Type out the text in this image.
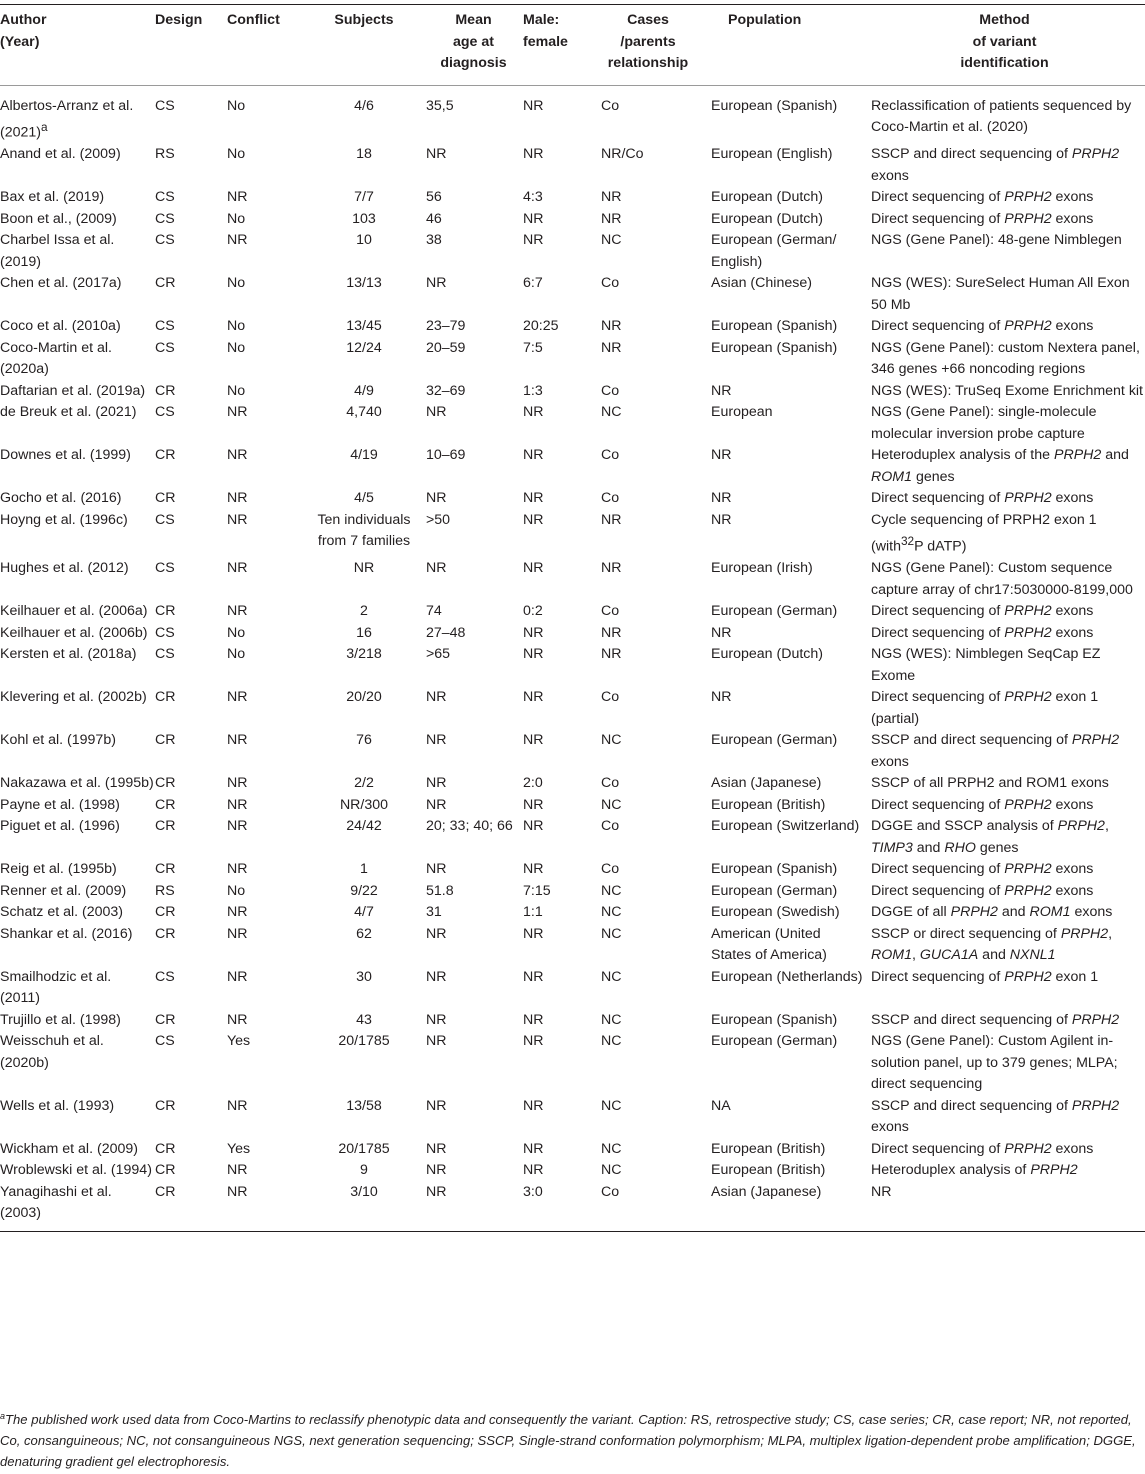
Author
(Year)	Design	Conflict	Subjects	Mean
age at
diagnosis	Male:
female	Cases
/parents
relationship	Population	Method
of variant
identification

Albertos-Arranz et al. $(2021)^a$	CS	No	4/6	35,5	NR	Co	European (Spanish)	Reclassification of patients sequenced by Coco-Martin et al. (2020)
Anand et al. (2009)	RS	No	18	NR	NR	NR/Co	European (English)	SSCP and direct sequencing of PRPH2 exons
Bax et al. (2019)	CS	NR	7/7	56	4:3	NR	European (Dutch)	Direct sequencing of PRPH2 exons
Boon et al., (2009)	CS	No	103	46	NR	NR	European (Dutch)	Direct sequencing of PRPH2 exons
Charbel Issa et al. (2019)	CS	NR	10	38	NR	NC	European (German/ English)	NGS (Gene Panel): 48-gene Nimblegen
Chen et al. (2017a)	CR	No	13/13	NR	6:7	Co	Asian (Chinese)	NGS (WES): SureSelect Human All Exon 50 Mb
Coco et al. (2010a)	CS	No	13/45	23–79	20:25	NR	European (Spanish)	Direct sequencing of PRPH2 exons
Coco-Martin et al. (2020a)	CS	No	12/24	20–59	7:5	NR	European (Spanish)	NGS (Gene Panel): custom Nextera panel, 346 genes +66 noncoding regions
Daftarian et al. (2019a)	CR	No	4/9	32–69	1:3	Co	NR	NGS (WES): TruSeq Exome Enrichment kit
de Breuk et al. (2021)	CS	NR	4,740	NR	NR	NC	European	NGS (Gene Panel): single-molecule molecular inversion probe capture
Downes et al. (1999)	CR	NR	4/19	10–69	NR	Co	NR	Heteroduplex analysis of the PRPH2 and ROM1 genes
Gocho et al. (2016)	CR	NR	4/5	NR	NR	Co	NR	Direct sequencing of PRPH2 exons
Hoyng et al. (1996c)	CS	NR	Ten individuals from 7 families	>50	NR	NR	NR	Cycle sequencing of PRPH2 exon 1 (with$^{32}$P dATP)
Hughes et al. (2012)	CS	NR	NR	NR	NR	NR	European (Irish)	NGS (Gene Panel): Custom sequence capture array of chr17:5030000-8199,000
Keilhauer et al. (2006a)	CR	NR	2	74	0:2	Co	European (German)	Direct sequencing of PRPH2 exons
Keilhauer et al. (2006b)	CS	No	16	27–48	NR	NR	NR	Direct sequencing of PRPH2 exons
Kersten et al. (2018a)	CS	No	3/218	>65	NR	NR	European (Dutch)	NGS (WES): Nimblegen SeqCap EZ Exome
Klevering et al. (2002b)	CR	NR	20/20	NR	NR	Co	NR	Direct sequencing of PRPH2 exon 1 (partial)
Kohl et al. (1997b)	CR	NR	76	NR	NR	NC	European (German)	SSCP and direct sequencing of PRPH2 exons
Nakazawa et al. (1995b)	CR	NR	2/2	NR	2:0	Co	Asian (Japanese)	SSCP of all PRPH2 and ROM1 exons
Payne et al. (1998)	CR	NR	NR/300	NR	NR	NC	European (British)	Direct sequencing of PRPH2 exons
Piguet et al. (1996)	CR	NR	24/42	20; 33; 40; 66	NR	Co	European (Switzerland)	DGGE and SSCP analysis of PRPH2, TIMP3 and RHO genes
Reig et al. (1995b)	CR	NR	1	NR	NR	Co	European (Spanish)	Direct sequencing of PRPH2 exons
Renner et al. (2009)	RS	No	9/22	51.8	7:15	NC	European (German)	Direct sequencing of PRPH2 exons
Schatz et al. (2003)	CR	NR	4/7	31	1:1	NC	European (Swedish)	DGGE of all PRPH2 and ROM1 exons
Shankar et al. (2016)	CR	NR	62	NR	NR	NC	American (United States of America)	SSCP or direct sequencing of PRPH2, ROM1, GUCA1A and NXNL1
Smailhodzic et al. (2011)	CS	NR	30	NR	NR	NC	European (Netherlands)	Direct sequencing of PRPH2 exon 1
Trujillo et al. (1998)	CR	NR	43	NR	NR	NC	European (Spanish)	SSCP and direct sequencing of PRPH2
Weisschuh et al. (2020b)	CS	Yes	20/1785	NR	NR	NC	European (German)	NGS (Gene Panel): Custom Agilent in-solution panel, up to 379 genes; MLPA; direct sequencing
Wells et al. (1993)	CR	NR	13/58	NR	NR	NC	NA	SSCP and direct sequencing of PRPH2 exons
Wickham et al. (2009)	CR	Yes	20/1785	NR	NR	NC	European (British)	Direct sequencing of PRPH2 exons
Wroblewski et al. (1994)	CR	NR	9	NR	NR	NC	European (British)	Heteroduplex analysis of PRPH2
Yanagihashi et al. (2003)	CR	NR	3/10	NR	3:0	Co	Asian (Japanese)	NR
$^a$The published work used data from Coco-Martins to reclassify phenotypic data and consequently the variant. Caption: RS, retrospective study; CS, case series; CR, case report; NR, not reported, Co, consanguineous; NC, not consanguineous NGS, next generation sequencing; SSCP, Single-strand conformation polymorphism; MLPA, multiplex ligation-dependent probe amplification; DGGE, denaturing gradient gel electrophoresis.
